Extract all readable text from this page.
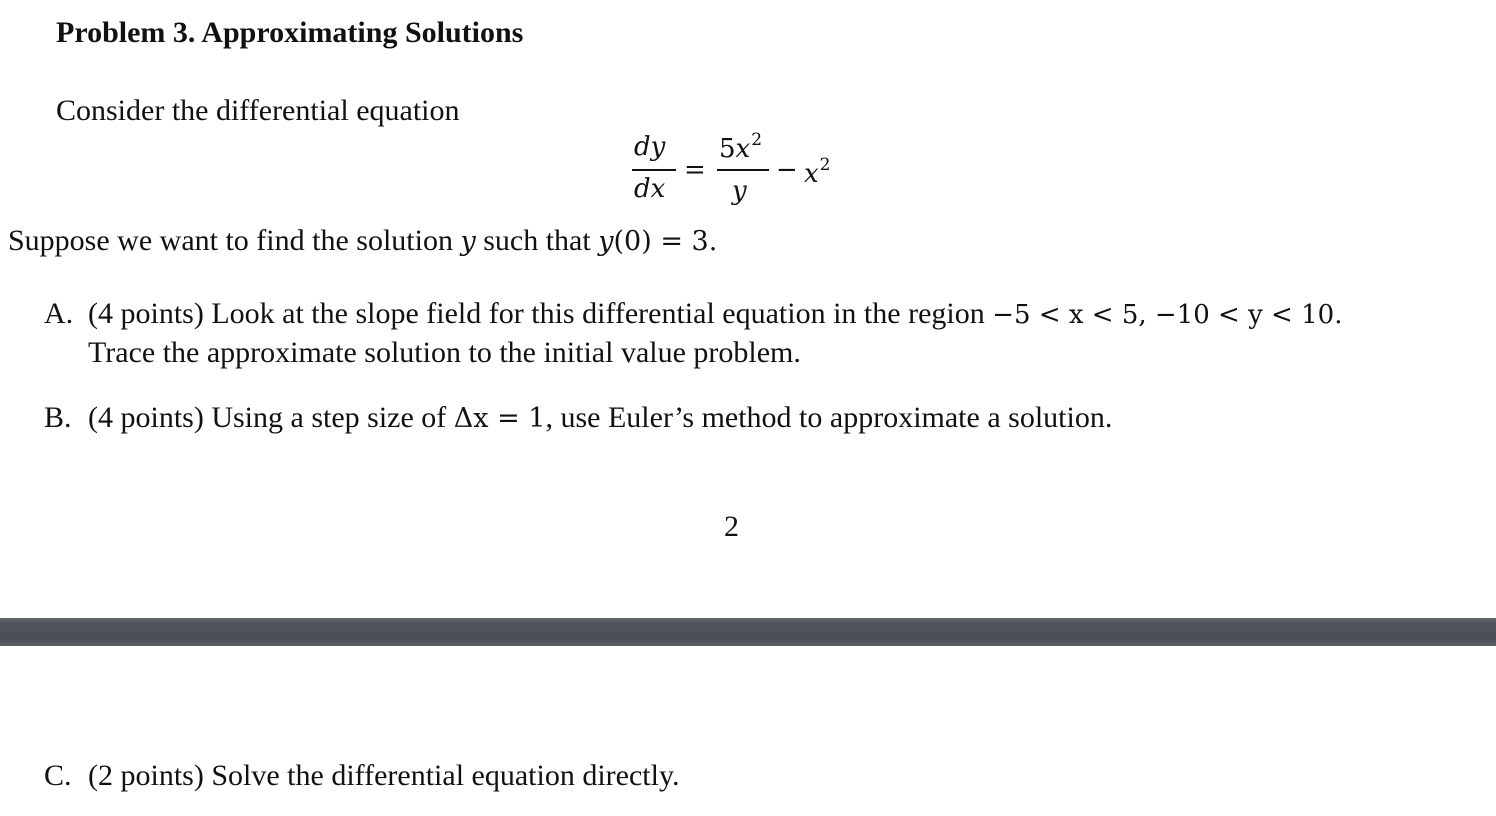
Problem 3. Approximating Solutions
Consider the differential equation
dy
dx
=
$5x^2$
y
− $x^2$
Suppose we want to find the solution y such that y(0) = 3.
A. (4 points) Look at the slope field for this differential equation in the region −5 < x < 5, −10 < y < 10.
Trace the approximate solution to the initial value problem.
B. (4 points) Using a step size of Δx = 1, use Euler’s method to approximate a solution.
2
C. (2 points) Solve the differential equation directly.
